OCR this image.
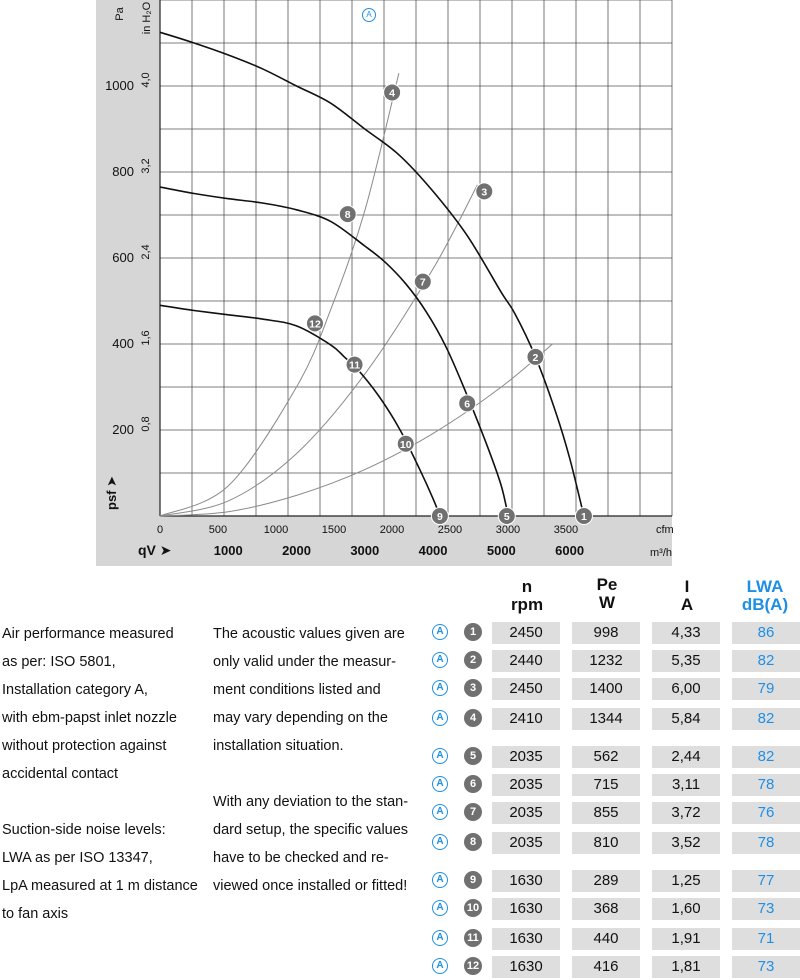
1
2
3
4
5
6
7
8
9
10
11
12
Pa in H₂O
cfm
m³/h
A
psf ➤
qV ➤
200
400
600
800
1000
0,8
1,6
2,4
3,2
4,0
0	500	1000	1500	2000	2500	3000	3500
1000	2000	3000	4000	5000	6000

Air performance measured

as per: ISO 5801,

Installation category A,

with ebm-papst inlet nozzle

without protection against

accidental contact

Suction-side noise levels:

LWA as per ISO 13347,

LpA measured at 1 m distance

to fan axis

The acoustic values given are

only valid under the measur-

ment conditions listed and

may vary depending on the

installation situation.

With any deviation to the stan-

dard setup, the specific values

have to be checked and re-

viewed once installed or fitted!

n
rpm
Pe
W
I
A
LWA
dB(A)
A	1	2450	998	4,33	86
A	2	2440	1232	5,35	82
A	3	2450	1400	6,00	79
A	4	2410	1344	5,84	82
A	5	2035	562	2,44	82
A	6	2035	715	3,11	78
A	7	2035	855	3,72	76
A	8	2035	810	3,52	78
A	9	1630	289	1,25	77
A	10	1630	368	1,60	73
A	11	1630	440	1,91	71
A	12	1630	416	1,81	73
